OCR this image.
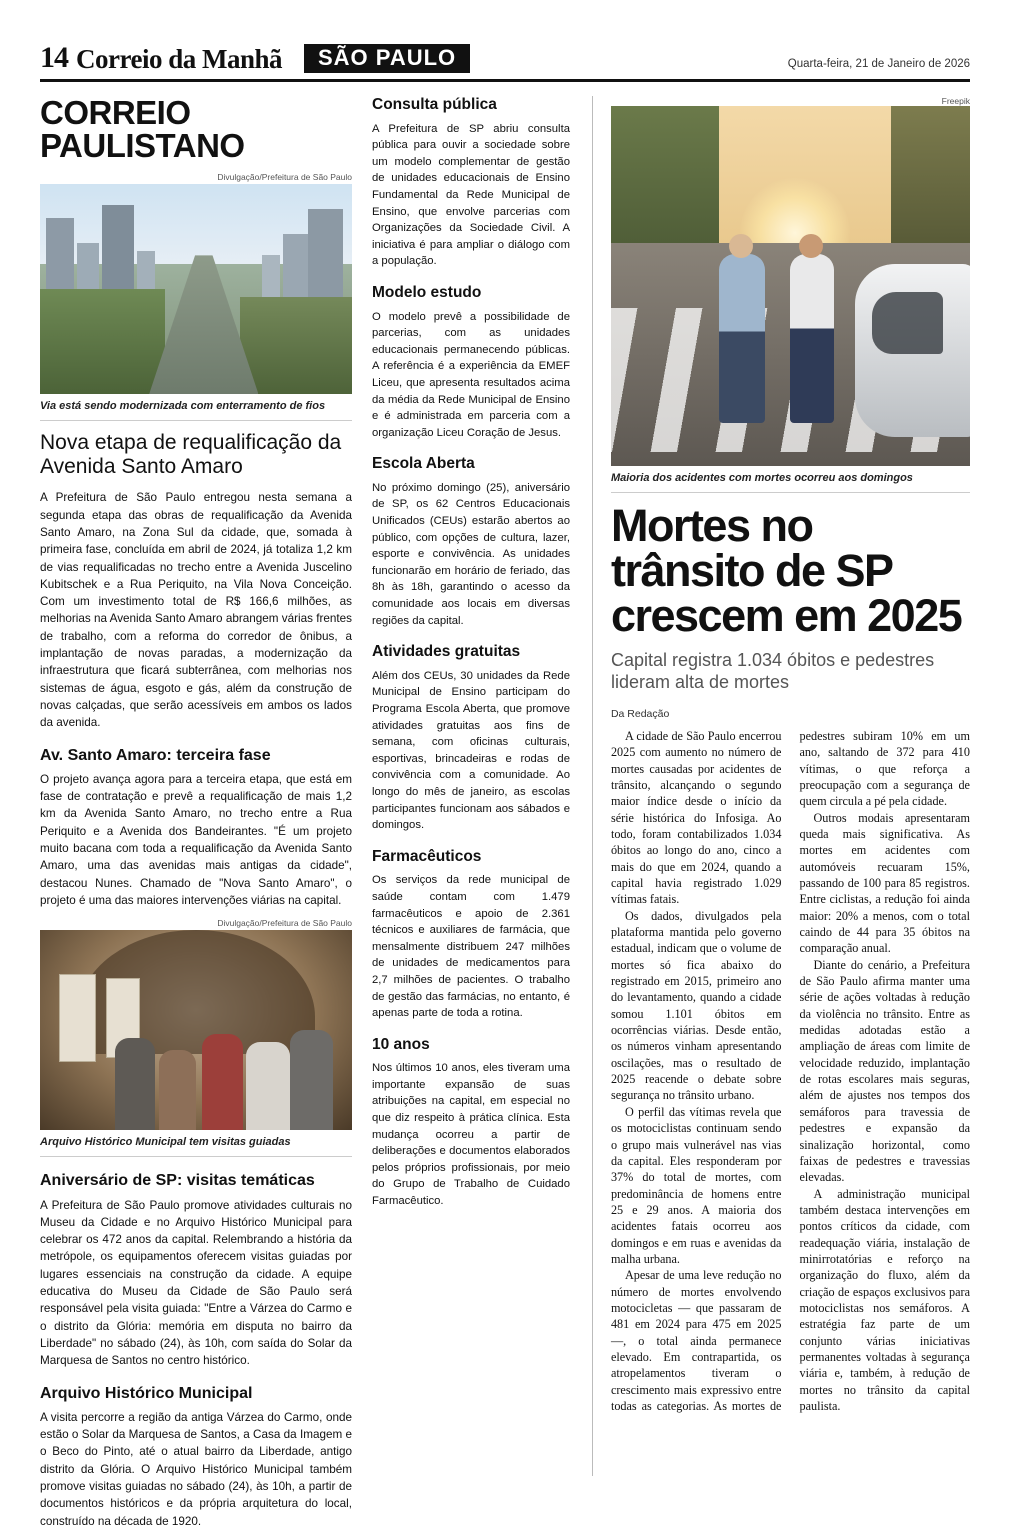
14 Correio da Manhã	SÃO PAULO	Quarta-feira, 21 de Janeiro de 2026
CORREIO PAULISTANO
Divulgação/Prefeitura de São Paulo
Via está sendo modernizada com enterramento de fios
Nova etapa de requalificação da Avenida Santo Amaro

A Prefeitura de São Paulo entregou nesta semana a segunda etapa das obras de requalificação da Avenida Santo Amaro, na Zona Sul da cidade, que, somada à primeira fase, concluída em abril de 2024, já totaliza 1,2 km de vias requalificadas no trecho entre a Avenida Juscelino Kubitschek e a Rua Periquito, na Vila Nova Conceição. Com um investimento total de R$ 166,6 milhões, as melhorias na Avenida Santo Amaro abrangem várias frentes de trabalho, com a reforma do corredor de ônibus, a implantação de novas paradas, a modernização da infraestrutura que ficará subterrânea, com melhorias nos sistemas de água, esgoto e gás, além da construção de novas calçadas, que serão acessíveis em ambos os lados da avenida.

Av. Santo Amaro: terceira fase

O projeto avança agora para a terceira etapa, que está em fase de contratação e prevê a requalificação de mais 1,2 km da Avenida Santo Amaro, no trecho entre a Rua Periquito e a Avenida dos Bandeirantes. "É um projeto muito bacana com toda a requalificação da Avenida Santo Amaro, uma das avenidas mais antigas da cidade", destacou Nunes. Chamado de "Nova Santo Amaro", o projeto é uma das maiores intervenções viárias na capital.

Divulgação/Prefeitura de São Paulo
Arquivo Histórico Municipal tem visitas guiadas
Aniversário de SP: visitas temáticas

A Prefeitura de São Paulo promove atividades culturais no Museu da Cidade e no Arquivo Histórico Municipal para celebrar os 472 anos da capital. Relembrando a história da metrópole, os equipamentos oferecem visitas guiadas por lugares essenciais na construção da cidade. A equipe educativa do Museu da Cidade de São Paulo será responsável pela visita guiada: "Entre a Várzea do Carmo e o distrito da Glória: memória em disputa no bairro da Liberdade" no sábado (24), às 10h, com saída do Solar da Marquesa de Santos no centro histórico.

Arquivo Histórico Municipal

A visita percorre a região da antiga Várzea do Carmo, onde estão o Solar da Marquesa de Santos, a Casa da Imagem e o Beco do Pinto, até o atual bairro da Liberdade, antigo distrito da Glória. O Arquivo Histórico Municipal também promove visitas guiadas no sábado (24), às 10h, a partir de documentos históricos e da própria arquitetura do local, construído na década de 1920.

Consulta pública

A Prefeitura de SP abriu consulta pública para ouvir a sociedade sobre um modelo complementar de gestão de unidades educacionais de Ensino Fundamental da Rede Municipal de Ensino, que envolve parcerias com Organizações da Sociedade Civil. A iniciativa é para ampliar o diálogo com a população.

Modelo estudo

O modelo prevê a possibilidade de parcerias, com as unidades educacionais permanecendo públicas. A referência é a experiência da EMEF Liceu, que apresenta resultados acima da média da Rede Municipal de Ensino e é administrada em parceria com a organização Liceu Coração de Jesus.

Escola Aberta

No próximo domingo (25), aniversário de SP, os 62 Centros Educacionais Unificados (CEUs) estarão abertos ao público, com opções de cultura, lazer, esporte e convivência. As unidades funcionarão em horário de feriado, das 8h às 18h, garantindo o acesso da comunidade aos locais em diversas regiões da capital.

Atividades gratuitas

Além dos CEUs, 30 unidades da Rede Municipal de Ensino participam do Programa Escola Aberta, que promove atividades gratuitas aos fins de semana, com oficinas culturais, esportivas, brincadeiras e rodas de convivência com a comunidade. Ao longo do mês de janeiro, as escolas participantes funcionam aos sábados e domingos.

Farmacêuticos

Os serviços da rede municipal de saúde contam com 1.479 farmacêuticos e apoio de 2.361 técnicos e auxiliares de farmácia, que mensalmente distribuem 247 milhões de unidades de medicamentos para 2,7 milhões de pacientes. O trabalho de gestão das farmácias, no entanto, é apenas parte de toda a rotina.

10 anos

Nos últimos 10 anos, eles tiveram uma importante expansão de suas atribuições na capital, em especial no que diz respeito à prática clínica. Esta mudança ocorreu a partir de deliberações e documentos elaborados pelos próprios profissionais, por meio do Grupo de Trabalho de Cuidado Farmacêutico.

Freepik
Maioria dos acidentes com mortes ocorreu aos domingos
Mortes no trânsito de SP crescem em 2025
Capital registra 1.034 óbitos e pedestres lideram alta de mortes
Da Redação

A cidade de São Paulo encerrou 2025 com aumento no número de mortes causadas por acidentes de trânsito, alcançando o segundo maior índice desde o início da série histórica do Infosiga. Ao todo, foram contabilizados 1.034 óbitos ao longo do ano, cinco a mais do que em 2024, quando a capital havia registrado 1.029 vítimas fatais.

Os dados, divulgados pela plataforma mantida pelo governo estadual, indicam que o volume de mortes só fica abaixo do registrado em 2015, primeiro ano do levantamento, quando a cidade somou 1.101 óbitos em ocorrências viárias. Desde então, os números vinham apresentando oscilações, mas o resultado de 2025 reacende o debate sobre segurança no trânsito urbano.

O perfil das vítimas revela que os motociclistas continuam sendo o grupo mais vulnerável nas vias da capital. Eles responderam por 37% do total de mortes, com predominância de homens entre 25 e 29 anos. A maioria dos acidentes fatais ocorreu aos domingos e em ruas e avenidas da malha urbana.

Apesar de uma leve redução no número de mortes envolvendo motocicletas — que passaram de 481 em 2024 para 475 em 2025 —, o total ainda permanece elevado. Em contrapartida, os atropelamentos tiveram o crescimento mais expressivo entre todas as categorias. As mortes de pedestres subiram 10% em um ano, saltando de 372 para 410 vítimas, o que reforça a preocupação com a segurança de quem circula a pé pela cidade.

Outros modais apresentaram queda mais significativa. As mortes em acidentes com automóveis recuaram 15%, passando de 100 para 85 registros. Entre ciclistas, a redução foi ainda maior: 20% a menos, com o total caindo de 44 para 35 óbitos na comparação anual.

Diante do cenário, a Prefeitura de São Paulo afirma manter uma série de ações voltadas à redução da violência no trânsito. Entre as medidas adotadas estão a ampliação de áreas com limite de velocidade reduzido, implantação de rotas escolares mais seguras, além de ajustes nos tempos dos semáforos para travessia de pedestres e expansão da sinalização horizontal, como faixas de pedestres e travessias elevadas.

A administração municipal também destaca intervenções em pontos críticos da cidade, com readequação viária, instalação de minirrotatórias e reforço na organização do fluxo, além da criação de espaços exclusivos para motociclistas nos semáforos. A estratégia faz parte de um conjunto várias iniciativas permanentes voltadas à segurança viária e, também, à redução de mortes no trânsito da capital paulista.
